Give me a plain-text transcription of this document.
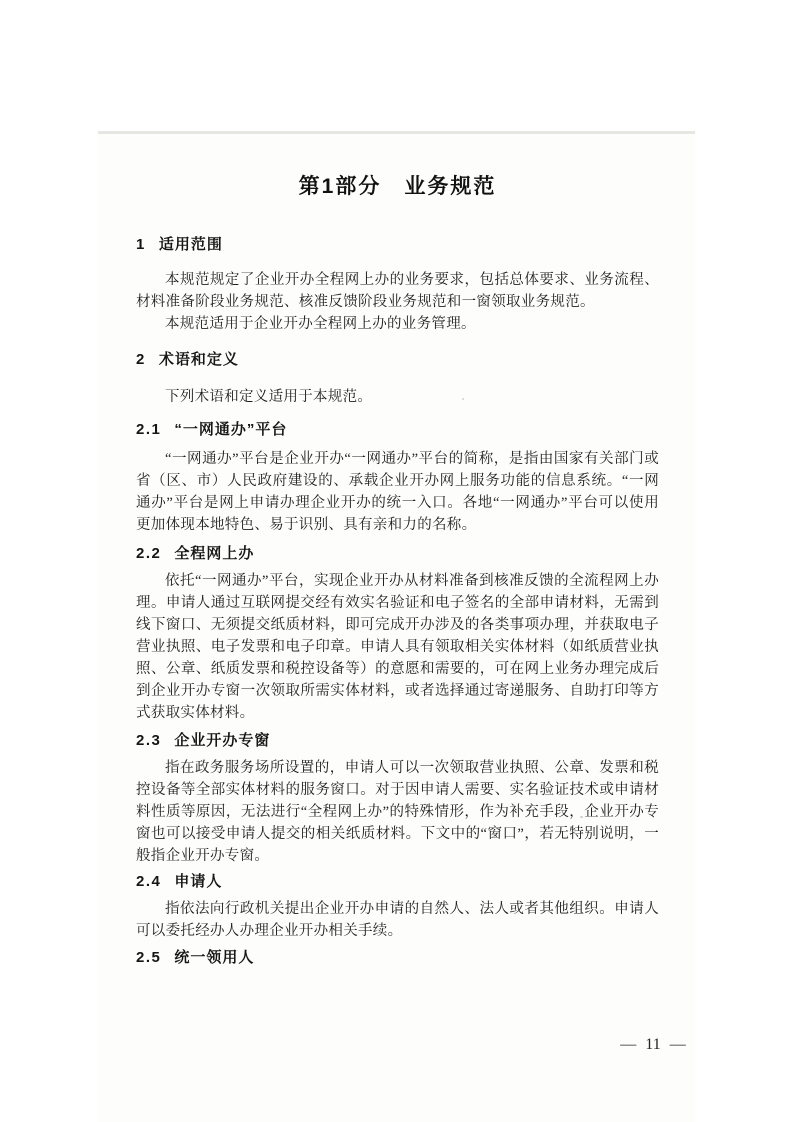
第1部分　业务规范
1 适用范围

本规范规定了企业开办全程网上办的业务要求，包括总体要求、业务流程、材料准备阶段业务规范、核准反馈阶段业务规范和一窗领取业务规范。

本规范适用于企业开办全程网上办的业务管理。

2 术语和定义

下列术语和定义适用于本规范。

2.1 “一网通办”平台

“一网通办”平台是企业开办“一网通办”平台的简称，是指由国家有关部门或省（区、市）人民政府建设的、承载企业开办网上服务功能的信息系统。“一网通办”平台是网上申请办理企业开办的统一入口。各地“一网通办”平台可以使用更加体现本地特色、易于识别、具有亲和力的名称。

2.2 全程网上办

依托“一网通办”平台，实现企业开办从材料准备到核准反馈的全流程网上办理。申请人通过互联网提交经有效实名验证和电子签名的全部申请材料，无需到线下窗口、无须提交纸质材料，即可完成开办涉及的各类事项办理，并获取电子营业执照、电子发票和电子印章。申请人具有领取相关实体材料（如纸质营业执照、公章、纸质发票和税控设备等）的意愿和需要的，可在网上业务办理完成后到企业开办专窗一次领取所需实体材料，或者选择通过寄递服务、自助打印等方式获取实体材料。

2.3 企业开办专窗

指在政务服务场所设置的，申请人可以一次领取营业执照、公章、发票和税控设备等全部实体材料的服务窗口。对于因申请人需要、实名验证技术或申请材料性质等原因，无法进行“全程网上办”的特殊情形，作为补充手段，企业开办专窗也可以接受申请人提交的相关纸质材料。下文中的“窗口”，若无特别说明，一般指企业开办专窗。

2.4 申请人

指依法向行政机关提出企业开办申请的自然人、法人或者其他组织。申请人可以委托经办人办理企业开办相关手续。

2.5 统一领用人
— 11 —
